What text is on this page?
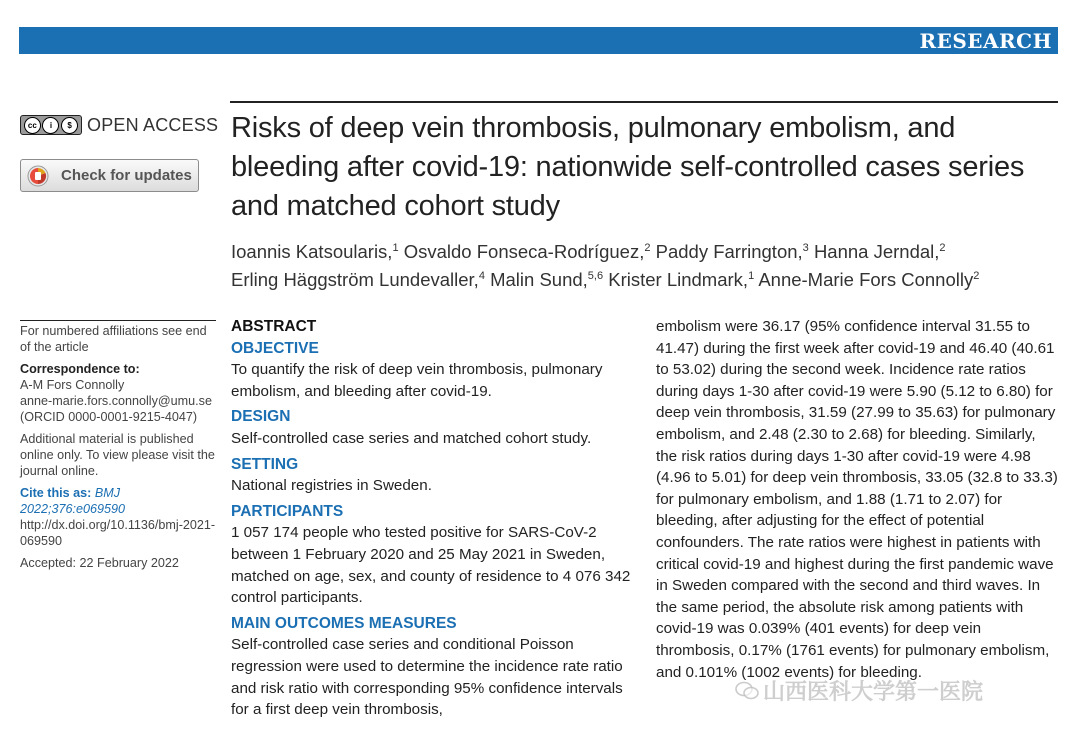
RESEARCH
cc	i	$ OPEN ACCESS
Check for updates
Risks of deep vein thrombosis, pulmonary embolism, and bleeding after covid-19: nationwide self-controlled cases series and matched cohort study
Ioannis Katsoularis,$^1$ Osvaldo Fonseca-Rodríguez,$^2$ Paddy Farrington,$^3$ Hanna Jerndal,$^2$
Erling Häggström Lundevaller,$^4$ Malin Sund,$^{5,6}$ Krister Lindmark,$^1$ Anne-Marie Fors Connolly$^2$

For numbered affiliations see end of the article

Correspondence to:
A-M Fors Connolly
anne-marie.fors.connolly@umu.se
(ORCID 0000-0001-9215-4047)

Additional material is published online only. To view please visit the journal online.

Cite this as: BMJ 2022;376:e069590
http://dx.doi.org/10.1136/bmj-2021-069590

Accepted: 22 February 2022

ABSTRACT
OBJECTIVE

To quantify the risk of deep vein thrombosis, pulmonary embolism, and bleeding after covid-19.

DESIGN

Self-controlled case series and matched cohort study.

SETTING

National registries in Sweden.

PARTICIPANTS

1 057 174 people who tested positive for SARS-CoV-2 between 1 February 2020 and 25 May 2021 in Sweden, matched on age, sex, and county of residence to 4 076 342 control participants.

MAIN OUTCOMES MEASURES

Self-controlled case series and conditional Poisson regression were used to determine the incidence rate ratio and risk ratio with corresponding 95% confidence intervals for a first deep vein thrombosis,

embolism were 36.17 (95% confidence interval 31.55 to 41.47) during the first week after covid-19 and 46.40 (40.61 to 53.02) during the second week. Incidence rate ratios during days 1-30 after covid-19 were 5.90 (5.12 to 6.80) for deep vein thrombosis, 31.59 (27.99 to 35.63) for pulmonary embolism, and 2.48 (2.30 to 2.68) for bleeding. Similarly, the risk ratios during days 1-30 after covid-19 were 4.98 (4.96 to 5.01) for deep vein thrombosis, 33.05 (32.8 to 33.3) for pulmonary embolism, and 1.88 (1.71 to 2.07) for bleeding, after adjusting for the effect of potential confounders. The rate ratios were highest in patients with critical covid-19 and highest during the first pandemic wave in Sweden compared with the second and third waves. In the same period, the absolute risk among patients with covid-19 was 0.039% (401 events) for deep vein thrombosis, 0.17% (1761 events) for pulmonary embolism, and 0.101% (1002 events) for bleeding.
山西医科大学第一医院
